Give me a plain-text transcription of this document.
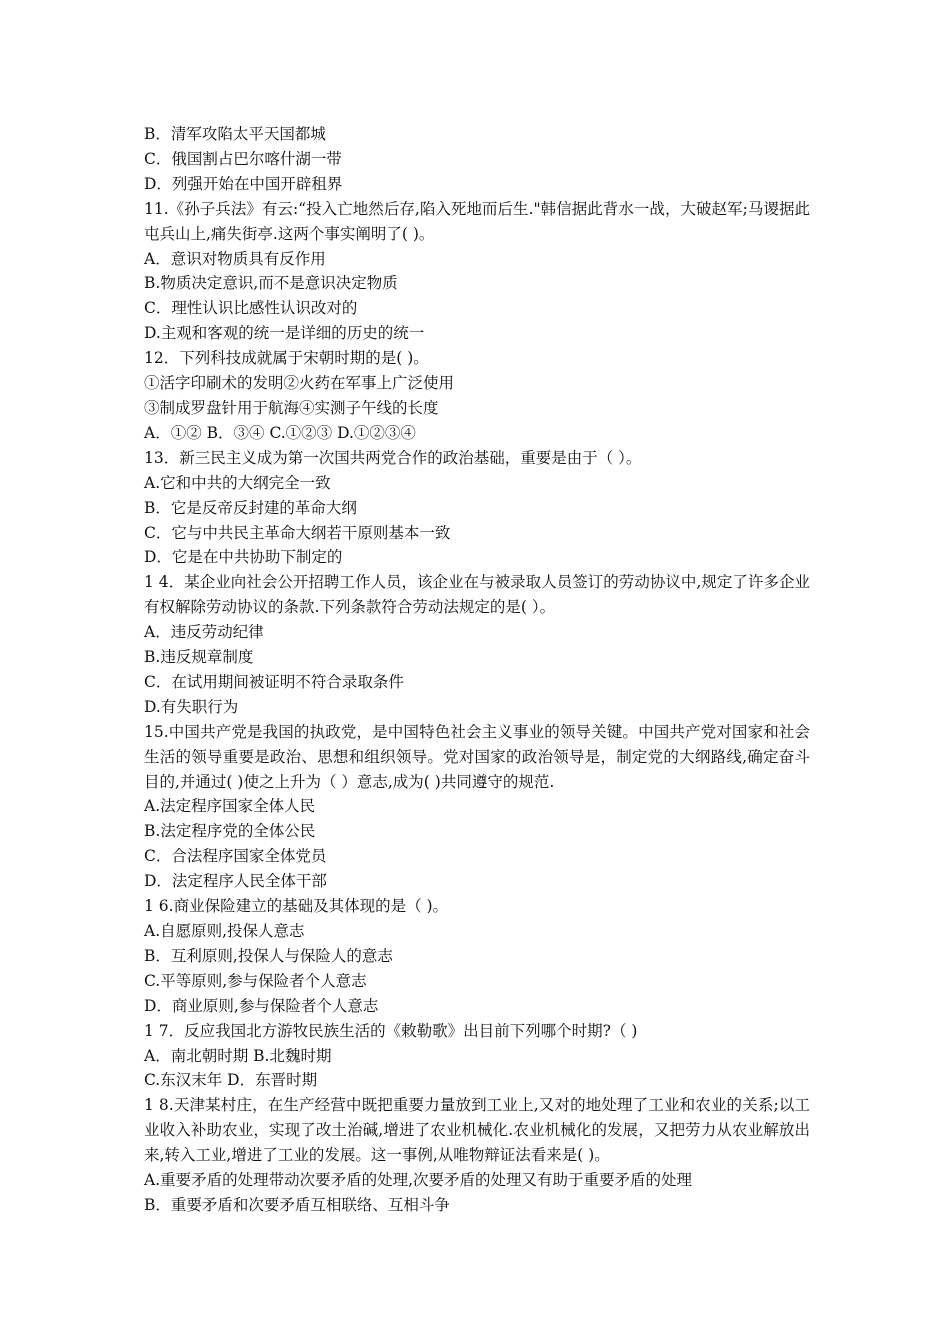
B．清军攻陷太平天国都城
C．俄国割占巴尔喀什湖一带
D．列强开始在中国开辟租界
11.《孙子兵法》有云:“投入亡地然后存,陷入死地而后生."韩信据此背水一战，大破赵军;马谡据此屯兵山上,痛失街亭.这两个事实阐明了( )。
A．意识对物质具有反作用
B.物质决定意识,而不是意识决定物质
C．理性认识比感性认识改对的
D.主观和客观的统一是详细的历史的统一
12．下列科技成就属于宋朝时期的是( )。
①活字印刷术的发明②火药在军事上广泛使用
③制成罗盘针用于航海④实测子午线的长度
A．①② B．③④ C.①②③ D.①②③④
13．新三民主义成为第一次国共两党合作的政治基础，重要是由于（ ）。
A.它和中共的大纲完全一致
B．它是反帝反封建的革命大纲
C．它与中共民主革命大纲若干原则基本一致
D．它是在中共协助下制定的
1 4．某企业向社会公开招聘工作人员，该企业在与被录取人员签订的劳动协议中,规定了许多企业有权解除劳动协议的条款.下列条款符合劳动法规定的是( ）。
A．违反劳动纪律
B.违反规章制度
C．在试用期间被证明不符合录取条件
D.有失职行为
15.中国共产党是我国的执政党，是中国特色社会主义事业的领导关键。中国共产党对国家和社会生活的领导重要是政治、思想和组织领导。党对国家的政治领导是，制定党的大纲路线,确定奋斗目的,并通过( )使之上升为（ ）意志,成为( )共同遵守的规范.
A.法定程序国家全体人民
B.法定程序党的全体公民
C．合法程序国家全体党员
D．法定程序人民全体干部
1 6.商业保险建立的基础及其体现的是（ )。
A.自愿原则,投保人意志
B．互利原则,投保人与保险人的意志
C.平等原则,参与保险者个人意志
D．商业原则,参与保险者个人意志
1 7．反应我国北方游牧民族生活的《敕勒歌》出目前下列哪个时期?（ )
A．南北朝时期 B.北魏时期
C.东汉末年 D．东晋时期
1 8.天津某村庄，在生产经营中既把重要力量放到工业上,又对的地处理了工业和农业的关系;以工业收入补助农业，实现了改土治碱,增进了农业机械化.农业机械化的发展，又把劳力从农业解放出来,转入工业,增进了工业的发展。这一事例,从唯物辩证法看来是( )。
A.重要矛盾的处理带动次要矛盾的处理,次要矛盾的处理又有助于重要矛盾的处理
B．重要矛盾和次要矛盾互相联络、互相斗争
